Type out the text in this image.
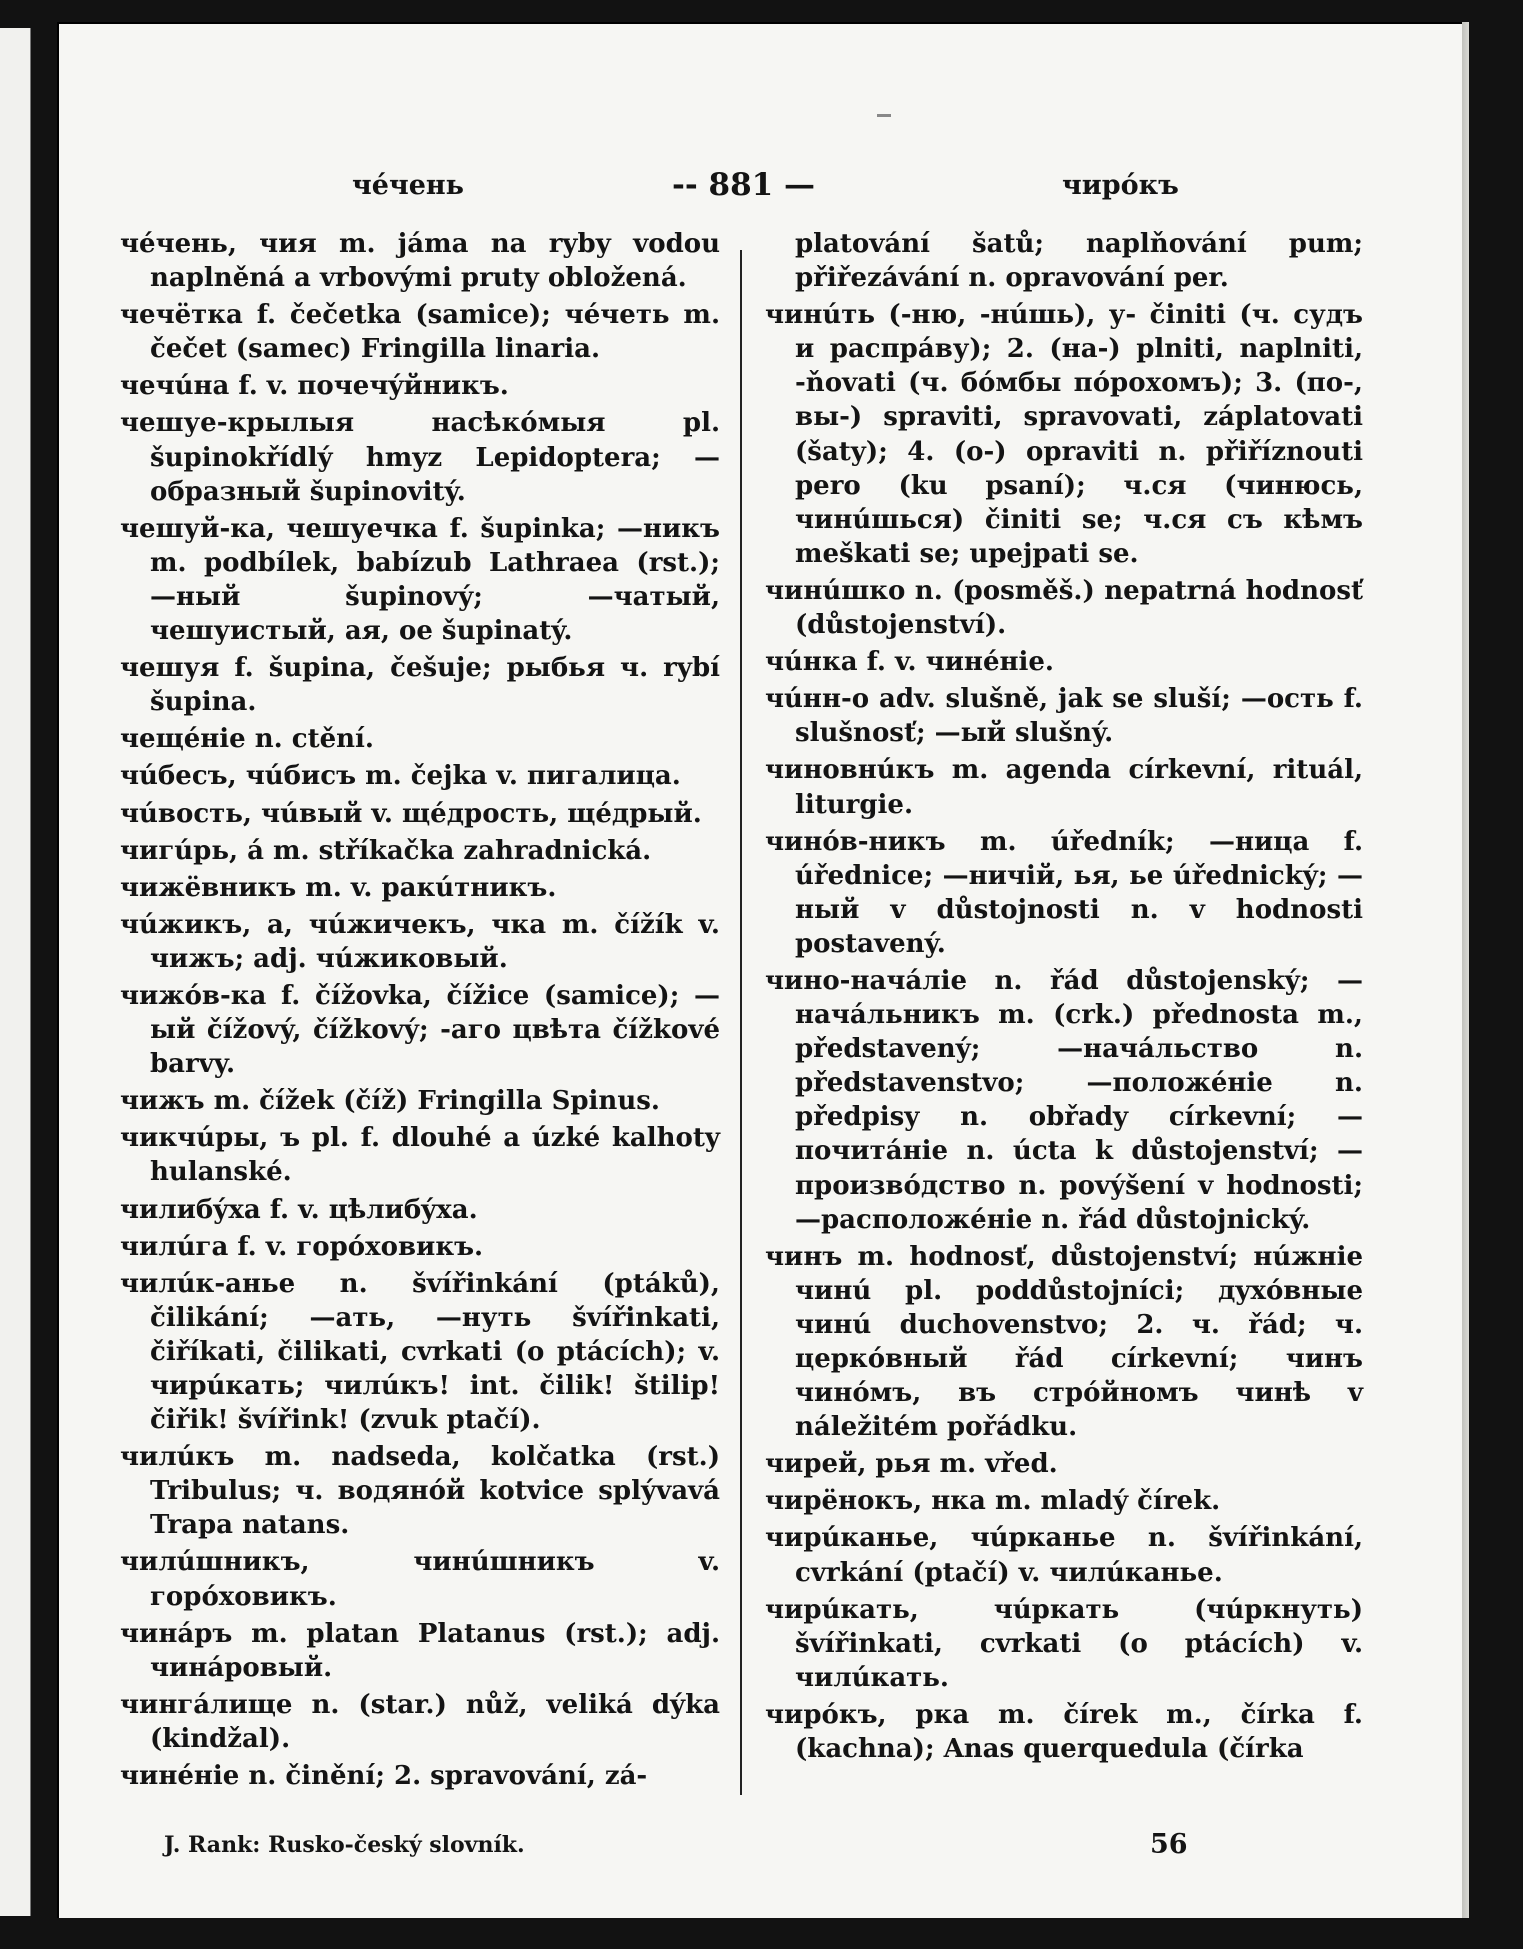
чéчень	-- 881 —	чирóкъ

чéчень, чия m. jáma na ryby vodou naplněná a vrbovými pruty obložená.

чечётка f. čečetka (samice); чéчеть m. čečet (samec) Fringilla linaria.

чечúна f. v. почечýйникъ.

чешуе-крылыя насѣкóмыя pl. šupinokřídlý hmyz Lepidoptera; —образный šupinovitý.

чешуй-ка, чешуечка f. šupinka; —никъ m. podbílek, babízub Lathraea (rst.); —ный šupinový; —чатый, чешуистый, ая, ое šupinatý.

чешуя f. šupina, češuje; рыбья ч. rybí šupina.

чещéніе n. ctění.

чúбесъ, чúбисъ m. čejka v. пигалица.

чúвость, чúвый v. щéдрость, щéдрый.

чигúрь, á m. stříkačka zahradnická.

чижёвникъ m. v. ракúтникъ.

чúжикъ, а, чúжичекъ, чка m. čížík v. чижъ; adj. чúжиковый.

чижóв-ка f. čížovka, čížice (samice); —ый čížový, čížkový; -аго цвѣта čížkové barvy.

чижъ m. čížek (číž) Fringilla Spinus.

чикчúры, ъ pl. f. dlouhé a úzké kalhoty hulanské.

чилибýха f. v. цѣлибýха.

чилúга f. v. горóховикъ.

чилúк-анье n. švířinkání (ptáků), čilikání; —ать, —нуть švířinkati, čiříkati, čilikati, cvrkati (o ptácích); v. чирúкать; чилúкъ! int. čilik! štilip! čiřik! švířink! (zvuk ptačí).

чилúкъ m. nadseda, kolčatka (rst.) Tribulus; ч. водянóй kotvice splývavá Trapa natans.

чилúшникъ, чинúшникъ v. горóховикъ.

чинáръ m. platan Platanus (rst.); adj. чинáровый.

чингáлище n. (star.) nůž, veliká dýka (kindžal).

чинéніе n. činění; 2. spravování, zá-

platování šatů; naplňování pum; přiřezávání n. opravování per.

чинúть (-ню, -нúшь), у- činiti (ч. судъ и распрáву); 2. (на-) plniti, naplniti, -ňovati (ч. бóмбы пóрохомъ); 3. (по-, вы-) spraviti, spravovati, záplatovati (šaty); 4. (о-) opraviti n. přiříznouti pero (ku psaní); ч.ся (чинюсь, чинúшься) činiti se; ч.ся съ кѣмъ meškati se; upejpati se.

чинúшко n. (posměš.) nepatrná hodnosť (důstojenství).

чúнка f. v. чинéніе.

чúнн-о adv. slušně, jak se sluší; —ость f. slušnosť; —ый slušný.

чиновнúкъ m. agenda církevní, rituál, liturgie.

чинóв-никъ m. úředník; —ница f. úřednice; —ничій, ья, ье úřednický; —ный v důstojnosti n. v hodnosti postavený.

чино-начáліе n. řád důstojenský; —начáльникъ m. (crk.) přednosta m., představený; —начáльство n. představenstvo; —положéніе n. předpisy n. obřady církevní; —почитáніе n. úcta k důstojenství; —произвóдство n. povýšení v hodnosti; —расположéніе n. řád důstojnický.

чинъ m. hodnosť, důstojenství; нúжніе чинú pl. poddůstojníci; дyхóвные чинú duchovenstvo; 2. ч. řád; ч. церкóвный řád církevní; чинъ чинóмъ, въ стрóйномъ чинѣ v náležitém pořádku.

чирей, рья m. vřed.

чирёнокъ, нка m. mladý čírek.

чирúканье, чúрканье n. švířinkání, cvrkání (ptačí) v. чилúканье.

чирúкать, чúркать (чúркнуть) švířinkati, cvrkati (o ptácích) v. чилúкать.

чирóкъ, рка m. čírek m., čírka f. (kachna); Anas querquedula (čírka

J. Rank: Rusko-český slovník.	56
